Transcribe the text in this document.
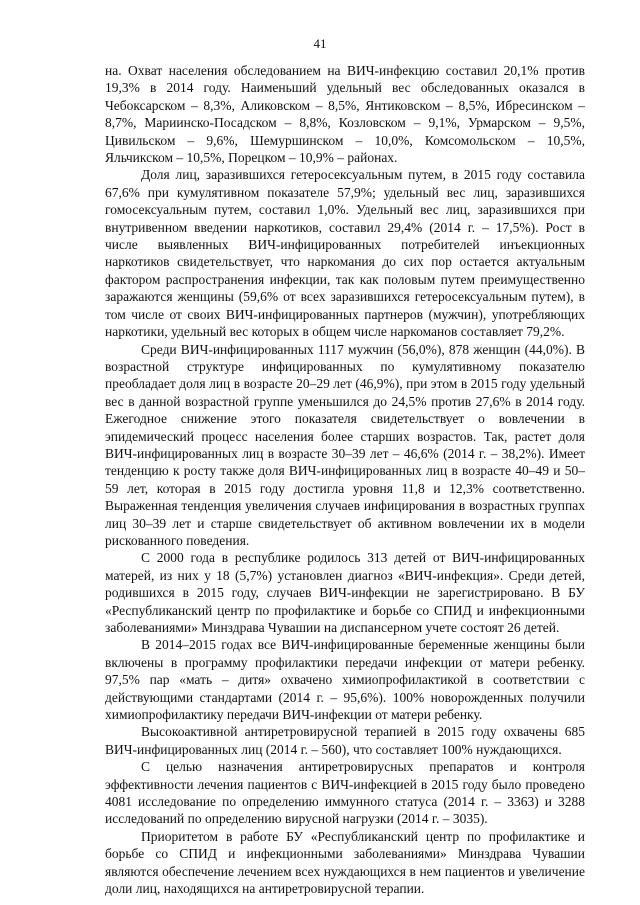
41

на. Охват населения обследованием на ВИЧ-инфекцию составил 20,1% против 19,3% в 2014 году. Наименьший удельный вес обследованных оказался в Чебоксарском – 8,3%, Аликовском – 8,5%, Янтиковском – 8,5%, Ибресинском – 8,7%, Мариинско-Посадском – 8,8%, Козловском – 9,1%, Урмарском – 9,5%, Цивильском – 9,6%, Шемуршинском – 10,0%, Комсомольском – 10,5%, Яльчикском – 10,5%, Порецком – 10,9% – районах.

Доля лиц, заразившихся гетеросексуальным путем, в 2015 году составила 67,6% при кумулятивном показателе 57,9%; удельный вес лиц, заразившихся гомосексуальным путем, составил 1,0%. Удельный вес лиц, заразившихся при внутривенном введении наркотиков, составил 29,4% (2014 г. – 17,5%). Рост в числе выявленных ВИЧ-инфицированных потребителей инъекционных наркотиков свидетельствует, что наркомания до сих пор остается актуальным фактором распространения инфекции, так как половым путем преимущественно заражаются женщины (59,6% от всех заразившихся гетеросексуальным путем), в том числе от своих ВИЧ-инфицированных партнеров (мужчин), употребляющих наркотики, удельный вес которых в общем числе наркоманов составляет 79,2%.

Среди ВИЧ-инфицированных 1117 мужчин (56,0%), 878 женщин (44,0%). В возрастной структуре инфицированных по кумулятивному показателю преобладает доля лиц в возрасте 20–29 лет (46,9%), при этом в 2015 году удельный вес в данной возрастной группе уменьшился до 24,5% против 27,6% в 2014 году. Ежегодное снижение этого показателя свидетельствует о вовлечении в эпидемический процесс населения более старших возрастов. Так, растет доля ВИЧ-инфицированных лиц в возрасте 30–39 лет – 46,6% (2014 г. – 38,2%). Имеет тенденцию к росту также доля ВИЧ-инфицированных лиц в возрасте 40–49 и 50–59 лет, которая в 2015 году достигла уровня 11,8 и 12,3% соответственно. Выраженная тенденция увеличения случаев инфицирования в возрастных группах лиц 30–39 лет и старше свидетельствует об активном вовлечении их в модели рискованного поведения.

С 2000 года в республике родилось 313 детей от ВИЧ-инфицированных матерей, из них у 18 (5,7%) установлен диагноз «ВИЧ-инфекция». Среди детей, родившихся в 2015 году, случаев ВИЧ-инфекции не зарегистрировано. В БУ «Республиканский центр по профилактике и борьбе со СПИД и инфекционными заболеваниями» Минздрава Чувашии на диспансерном учете состоят 26 детей.

В 2014–2015 годах все ВИЧ-инфицированные беременные женщины были включены в программу профилактики передачи инфекции от матери ребенку. 97,5% пар «мать – дитя» охвачено химиопрофилактикой в соответствии с действующими стандартами (2014 г. – 95,6%). 100% новорожденных получили химиопрофилактику передачи ВИЧ-инфекции от матери ребенку.

Высокоактивной антиретровирусной терапией в 2015 году охвачены 685 ВИЧ-инфицированных лиц (2014 г. – 560), что составляет 100% нуждающихся.

С целью назначения антиретровирусных препаратов и контроля эффективности лечения пациентов с ВИЧ-инфекцией в 2015 году было проведено 4081 исследование по определению иммунного статуса (2014 г. – 3363) и 3288 исследований по определению вирусной нагрузки (2014 г. – 3035).

Приоритетом в работе БУ «Республиканский центр по профилактике и борьбе со СПИД и инфекционными заболеваниями» Минздрава Чувашии являются обеспечение лечением всех нуждающихся в нем пациентов и увеличение доли лиц, находящихся на антиретровирусной терапии.
